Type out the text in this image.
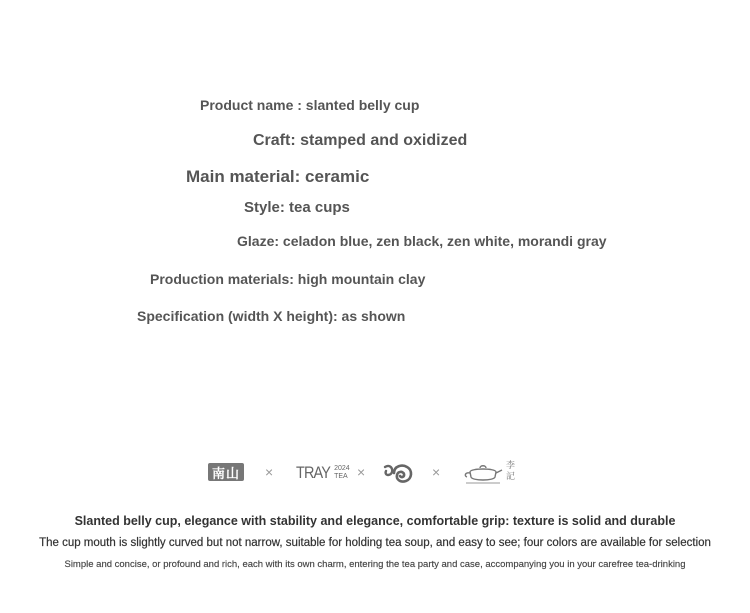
Product name : slanted belly cup
Craft: stamped and oxidized
Main material: ceramic
Style: tea cups
Glaze: celadon blue, zen black, zen white, morandi gray
Production materials: high mountain clay
Specification (width X height): as shown
南山 × TRAY 2024
TEA ×	×	李記
Slanted belly cup, elegance with stability and elegance, comfortable grip: texture is solid and durable
The cup mouth is slightly curved but not narrow, suitable for holding tea soup, and easy to see; four colors are available for selection
Simple and concise, or profound and rich, each with its own charm, entering the tea party and case, accompanying you in your carefree tea-drinking
